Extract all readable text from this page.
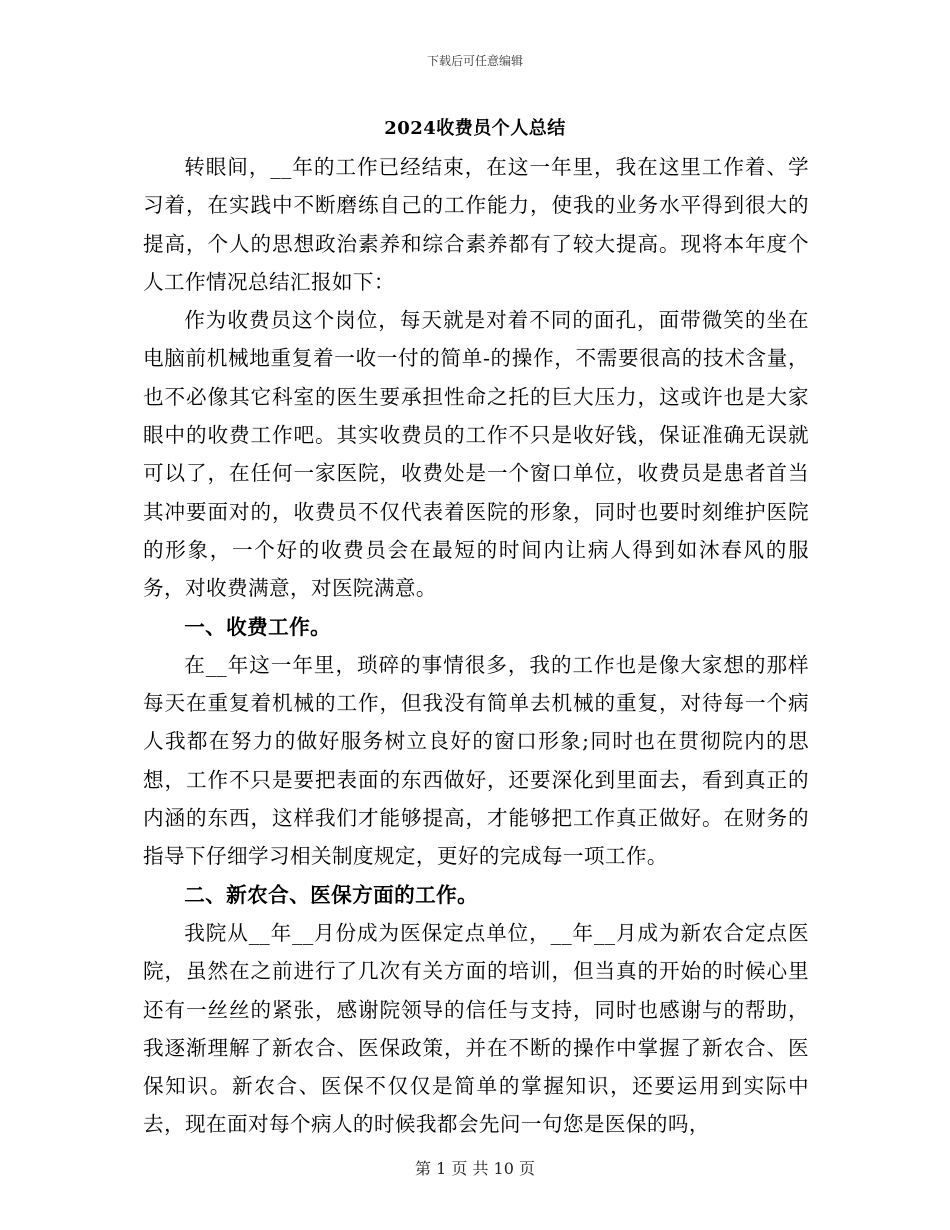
下载后可任意编辑
2024收费员个人总结

转眼间，__年的工作已经结束，在这一年里，我在这里工作着、学习着，在实践中不断磨练自己的工作能力，使我的业务水平得到很大的提高，个人的思想政治素养和综合素养都有了较大提高。现将本年度个人工作情况总结汇报如下：

作为收费员这个岗位，每天就是对着不同的面孔，面带微笑的坐在电脑前机械地重复着一收一付的简单-的操作，不需要很高的技术含量，也不必像其它科室的医生要承担性命之托的巨大压力，这或许也是大家眼中的收费工作吧。其实收费员的工作不只是收好钱，保证准确无误就可以了，在任何一家医院，收费处是一个窗口单位，收费员是患者首当其冲要面对的，收费员不仅代表着医院的形象，同时也要时刻维护医院的形象，一个好的收费员会在最短的时间内让病人得到如沐春风的服务，对收费满意，对医院满意。

一、收费工作。

在__年这一年里，琐碎的事情很多，我的工作也是像大家想的那样每天在重复着机械的工作，但我没有简单去机械的重复，对待每一个病人我都在努力的做好服务树立良好的窗口形象;同时也在贯彻院内的思想，工作不只是要把表面的东西做好，还要深化到里面去，看到真正的内涵的东西，这样我们才能够提高，才能够把工作真正做好。在财务的指导下仔细学习相关制度规定，更好的完成每一项工作。

二、新农合、医保方面的工作。

我院从__年__月份成为医保定点单位，__年__月成为新农合定点医院，虽然在之前进行了几次有关方面的培训，但当真的开始的时候心里还有一丝丝的紧张，感谢院领导的信任与支持，同时也感谢与的帮助，我逐渐理解了新农合、医保政策，并在不断的操作中掌握了新农合、医保知识。新农合、医保不仅仅是简单的掌握知识，还要运用到实际中去，现在面对每个病人的时候我都会先问一句您是医保的吗，

第 1 页 共 10 页
